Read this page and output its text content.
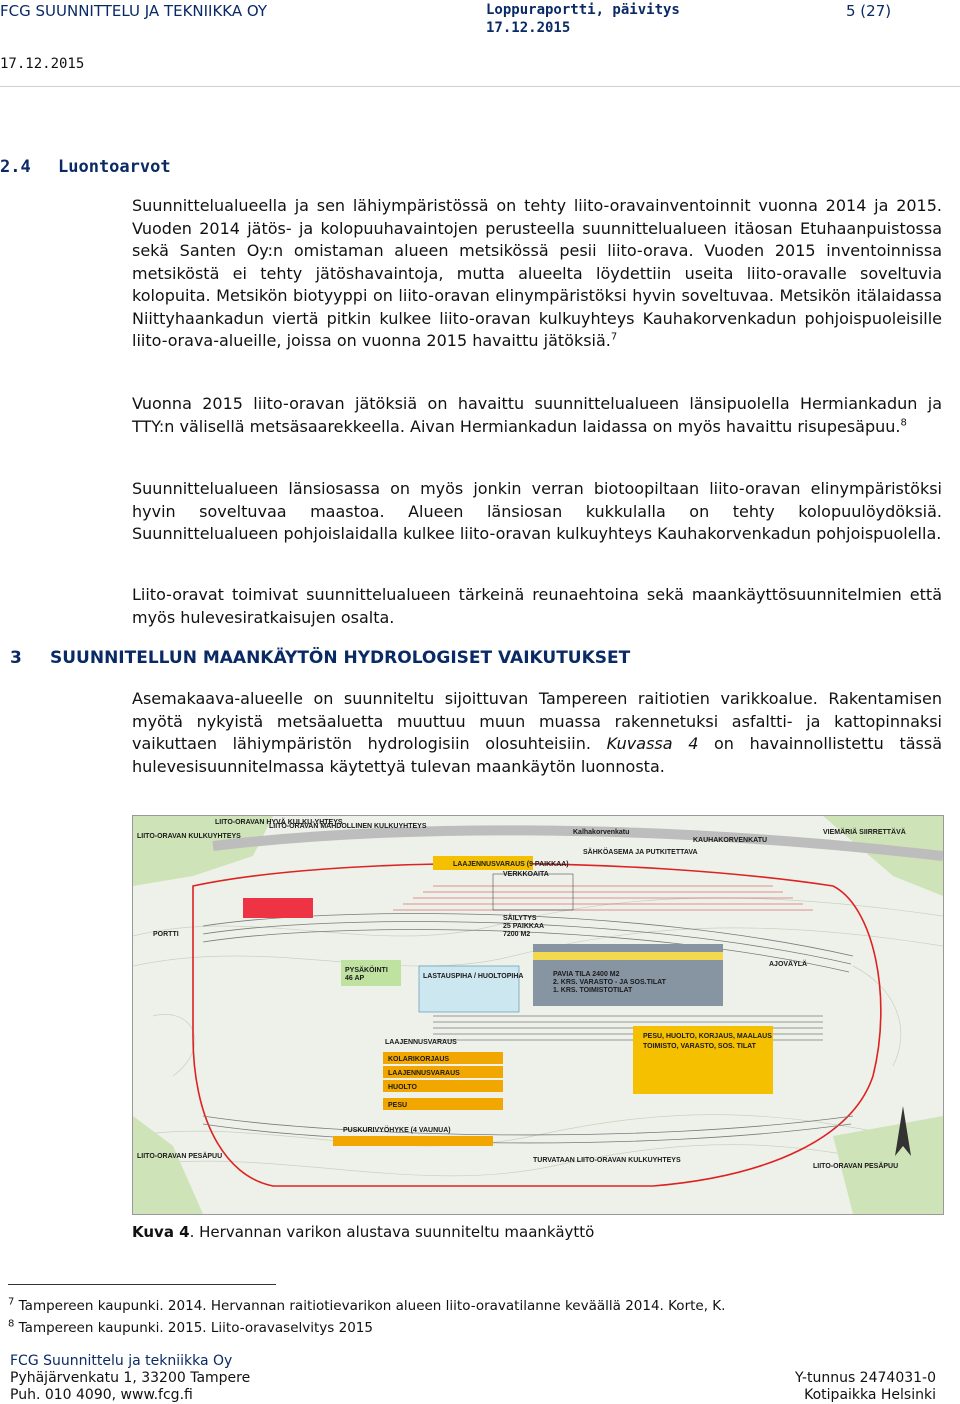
FCG SUUNNITTELU JA TEKNIIKKA OY	Loppuraportti, päivitys
17.12.2015
5 (27)
17.12.2015
2.4 Luontoarvot

Suunnittelualueella ja sen lähiympäristössä on tehty liito-oravainventoinnit vuonna 2014 ja 2015. Vuoden 2014 jätös- ja kolopuuhavaintojen perusteella suunnittelualueen itäosan Etuhaanpuistossa sekä Santen Oy:n omistaman alueen metsikössä pesii liito-orava. Vuoden 2015 inventoinnissa metsiköstä ei tehty jätöshavaintoja, mutta alueelta löydettiin useita liito-oravalle soveltuvia kolopuita. Metsikön biotyyppi on liito-oravan elinympäristöksi hyvin soveltuvaa. Metsikön itälaidassa Niittyhaankadun viertä pitkin kulkee liito-oravan kulkuyhteys Kauhakorvenkadun pohjoispuoleisille liito-orava-alueille, joissa on vuonna 2015 havaittu jätöksiä.$^7$

Vuonna 2015 liito-oravan jätöksiä on havaittu suunnittelualueen länsipuolella Hermiankadun ja TTY:n välisellä metsäsaarekkeella. Aivan Hermiankadun laidassa on myös havaittu risupesäpuu.$^8$

Suunnittelualueen länsiosassa on myös jonkin verran biotoopiltaan liito-oravan elinympäristöksi hyvin soveltuvaa maastoa. Alueen länsiosan kukkulalla on tehty kolopuulöydöksiä. Suunnittelualueen pohjoislaidalla kulkee liito-oravan kulkuyhteys Kauhakorvenkadun pohjoispuolella.

Liito-oravat toimivat suunnittelualueen tärkeinä reunaehtoina sekä maankäyttösuunnitelmien että myös hulevesiratkaisujen osalta.

3 SUUNNITELLUN MAANKÄYTÖN HYDROLOGISET VAIKUTUKSET

Asemakaava-alueelle on suunniteltu sijoittuvan Tampereen raitiotien varikkoalue. Rakentamisen myötä nykyistä metsäaluetta muuttuu muun muassa rakennetuksi asfaltti- ja kattopinnaksi vaikuttaen lähiympäristön hydrologisiin olosuhteisiin. Kuvassa 4 on havainnollistettu tässä hulevesisuunnitelmassa käytettyä tulevan maankäytön luonnosta.

LIITO-ORAVAN HYVÄ KULKU-YHTEYS
LIITO-ORAVAN MAHDOLLINEN KULKUYHTEYS
LIITO-ORAVAN KULKUYHTEYS
KAUHAKORVENKATU
Kalhakorvenkatu	VIEMÄRIÄ SIIRRETTÄVÄ
SÄHKÖASEMA JA PUTKITETTAVA
VERKKOAITA
LAAJENNUSVARAUS (9 PAIKKAA)
SÄILYTYS
25 PAIKKAA
7200 M2
PYSÄKÖINTI
46 AP	LASTAUSPIHA / HUOLTOPIHA	PAVIA TILA 2400 M2
2. KRS. VARASTO - JA SOS.TILAT
1. KRS. TOIMISTOTILAT
LAAJENNUSVARAUS
KOLARIKORJAUS
LAAJENNUSVARAUS
HUOLTO
PESU
PESU, HUOLTO, KORJAUS, MAALAUS
TOIMISTO, VARASTO, SOS. TILAT
PUSKURIVYÖHYKE (4 VAUNUA)
LIITO-ORAVAN PESÄPUU
LIITO-ORAVAN PESÄPUU
TURVATAAN LIITO-ORAVAN KULKUYHTEYS
AJOVÄYLÄ
PORTTI
Kuva 4. Hervannan varikon alustava suunniteltu maankäyttö
$^7$ Tampereen kaupunki. 2014. Hervannan raitiotievarikon alueen liito-oravatilanne keväällä 2014. Korte, K.
$^8$ Tampereen kaupunki. 2015. Liito-oravaselvitys 2015
FCG Suunnittelu ja tekniikka Oy
Pyhäjärvenkatu 1, 33200 Tampere
Puh. 010 4090, www.fcg.fi
Y-tunnus 2474031-0
Kotipaikka Helsinki
